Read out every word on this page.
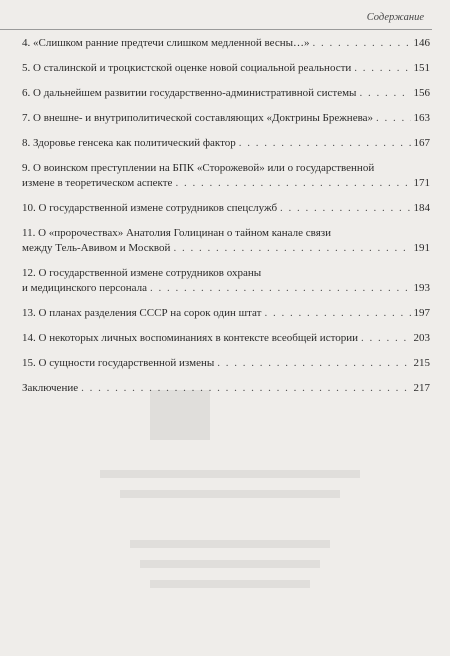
Содержание
4. «Слишком ранние предтечи слишком медленной весны…» . . .	146
5. О сталинской и троцкистской оценке новой социальной реальности . . .	151
6. О дальнейшем развитии государственно-административной системы . . .	156
7. О внешне- и внутриполитической составляющих «Доктрины Брежнева» . . .	163
8. Здоровье генсека как политический фактор . . .	167
9. О воинском преступлении на БПК «Сторожевой» или о государственной
измене в теоретическом аспекте . . .	171
10. О государственной измене сотрудников спецслужб . . .	184
11. О «пророчествах» Анатолия Голицинан о тайном канале связи
между Тель-Авивом и Москвой . . .	191
12. О государственной измене сотрудников охраны
и медицинского персонала . . .	193
13. О планах разделения СССР на сорок один штат . . .	197
14. О некоторых личных воспоминаниях в контексте всеобщей истории . . .	203
15. О сущности государственной измены . . .	215
Заключение . . .	217
